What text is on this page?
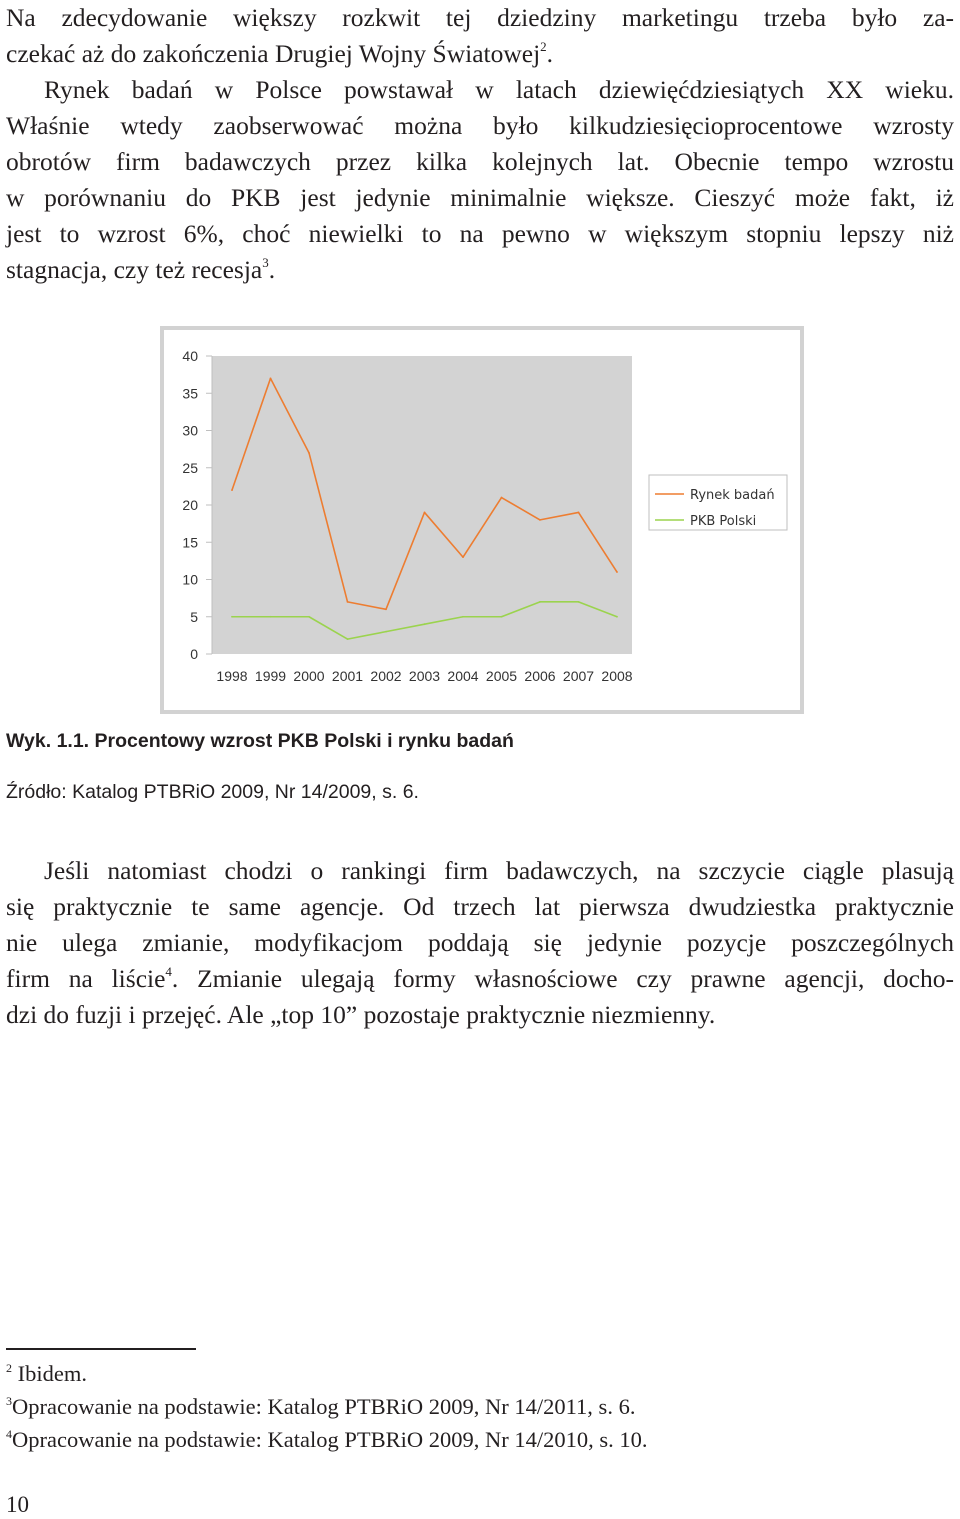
Na zdecydowanie większy rozkwit tej dziedziny marketingu trzeba było za-
czekać aż do zakończenia Drugiej Wojny Światowej$^2$.
Rynek badań w Polsce powstawał w latach dziewięćdziesiątych XX wieku.
Właśnie wtedy zaobserwować można było kilkudziesięcioprocentowe wzrosty
obrotów firm badawczych przez kilka kolejnych lat. Obecnie tempo wzrostu
w porównaniu do PKB jest jedynie minimalnie większe. Cieszyć może fakt, iż
jest to wzrost 6%, choć niewielki to na pewno w większym stopniu lepszy niż
stagnacja, czy też recesja$^3$.
0
5
10
15
20
25
30
35
40
1998 1999 2000 2001 2002 2003 2004 2005 2006 2007 2008
Rynek badań
PKB Polski
Wyk. 1.1. Procentowy wzrost PKB Polski i rynku badań
Źródło: Katalog PTBRiO 2009, Nr 14/2009, s. 6.
Jeśli natomiast chodzi o rankingi firm badawczych, na szczycie ciągle plasują
się praktycznie te same agencje. Od trzech lat pierwsza dwudziestka praktycznie
nie ulega zmianie, modyfikacjom poddają się jedynie pozycje poszczególnych
firm na liście$^4$. Zmianie ulegają formy własnościowe czy prawne agencji, docho-
dzi do fuzji i przejęć. Ale „top 10” pozostaje praktycznie niezmienny.
$^2$ Ibidem.
$^3$Opracowanie na podstawie: Katalog PTBRiO 2009, Nr 14/2011, s. 6.
$^4$Opracowanie na podstawie: Katalog PTBRiO 2009, Nr 14/2010, s. 10.
10
